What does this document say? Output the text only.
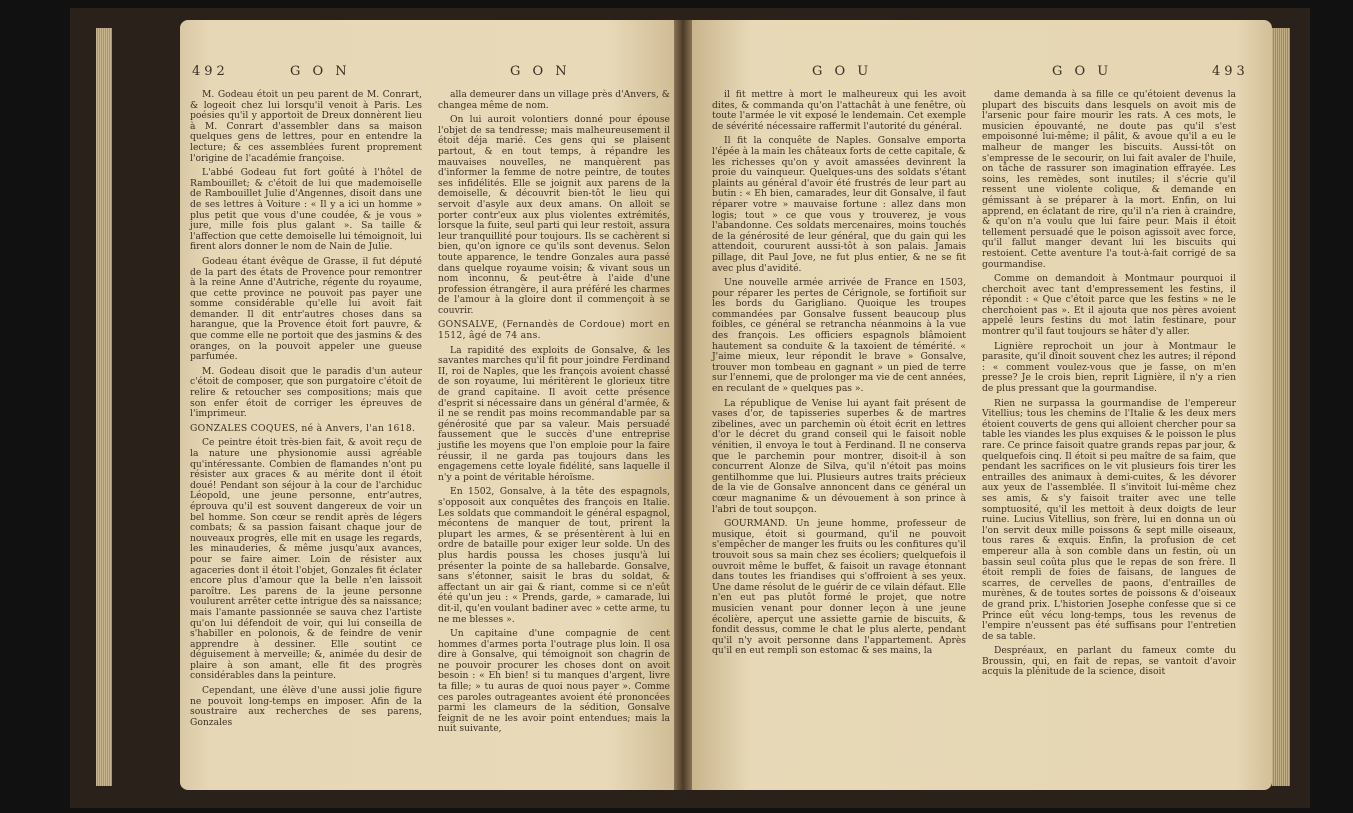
492	G O N	G O N

M. Godeau étoit un peu parent de M. Conrart, & logeoit chez lui lorsqu'il venoit à Paris. Les poésies qu'il y apportoit de Dreux donnèrent lieu à M. Conrart d'assembler dans sa maison quelques gens de lettres, pour en entendre la lecture; & ces assemblées furent proprement l'origine de l'académie françoise.

L'abbé Godeau fut fort goûté à l'hôtel de Rambouillet; & c'étoit de lui que mademoiselle de Rambouillet Julie d'Angennes, disoit dans une de ses lettres à Voiture : « Il y a ici un homme » plus petit que vous d'une coudée, & je vous » jure, mille fois plus galant ». Sa taille & l'affection que cette demoiselle lui témoignoit, lui firent alors donner le nom de Nain de Julie.

Godeau étant évêque de Grasse, il fut député de la part des états de Provence pour remontrer à la reine Anne d'Autriche, régente du royaume, que cette province ne pouvoit pas payer une somme considérable qu'elle lui avoit fait demander. Il dit entr'autres choses dans sa harangue, que la Provence étoit fort pauvre, & que comme elle ne portoit que des jasmins & des oranges, on la pouvoit appeler une gueuse parfumée.

M. Godeau disoit que le paradis d'un auteur c'étoit de composer, que son purgatoire c'étoit de relire & retoucher ses compositions; mais que son enfer étoit de corriger les épreuves de l'imprimeur.

GONZALES COQUES, né à Anvers, l'an 1618.

Ce peintre étoit très-bien fait, & avoit reçu de la nature une physionomie aussi agréable qu'intéressante. Combien de flamandes n'ont pu résister aux graces & au mérite dont il étoit doué! Pendant son séjour à la cour de l'archiduc Léopold, une jeune personne, entr'autres, éprouva qu'il est souvent dangereux de voir un bel homme. Son cœur se rendit après de légers combats; & sa passion faisant chaque jour de nouveaux progrès, elle mit en usage les regards, les minauderies, & même jusqu'aux avances, pour se faire aimer. Loin de résister aux agaceries dont il étoit l'objet, Gonzales fit éclater encore plus d'amour que la belle n'en laissoit paroître. Les parens de la jeune personne voulurent arrêter cette intrigue dès sa naissance; mais l'amante passionnée se sauva chez l'artiste qu'on lui défendoit de voir, qui lui conseilla de s'habiller en polonois, & de feindre de venir apprendre à dessiner. Elle soutint ce déguisement à merveille; &, animée du desir de plaire à son amant, elle fit des progrès considérables dans la peinture.

Cependant, une élève d'une aussi jolie figure ne pouvoit long-temps en imposer. Afin de la soustraire aux recherches de ses parens, Gonzales

alla demeurer dans un village près d'Anvers, & changea même de nom.

On lui auroit volontiers donné pour épouse l'objet de sa tendresse; mais malheureusement il étoit déja marié. Ces gens qui se plaisent partout, & en tout temps, à répandre les mauvaises nouvelles, ne manquèrent pas d'informer la femme de notre peintre, de toutes ses infidélités. Elle se joignit aux parens de la demoiselle, & découvrit bien-tôt le lieu qui servoit d'asyle aux deux amans. On alloit se porter contr'eux aux plus violentes extrémités, lorsque la fuite, seul parti qui leur restoit, assura leur tranquillité pour toujours. Ils se cachèrent si bien, qu'on ignore ce qu'ils sont devenus. Selon toute apparence, le tendre Gonzales aura passé dans quelque royaume voisin; & vivant sous un nom inconnu, & peut-être à l'aide d'une profession étrangère, il aura préféré les charmes de l'amour à la gloire dont il commençoit à se couvrir.

GONSALVE, (Fernandès de Cordoue) mort en 1512, âgé de 74 ans.

La rapidité des exploits de Gonsalve, & les savantes marches qu'il fit pour joindre Ferdinand II, roi de Naples, que les françois avoient chassé de son royaume, lui méritèrent le glorieux titre de grand capitaine. Il avoit cette présence d'esprit si nécessaire dans un général d'armée, & il ne se rendit pas moins recommandable par sa générosité que par sa valeur. Mais persuadé faussement que le succès d'une entreprise justifie les moyens que l'on emploie pour la faire réussir, il ne garda pas toujours dans les engagemens cette loyale fidélité, sans laquelle il n'y a point de véritable héroïsme.

En 1502, Gonsalve, à la tête des espagnols, s'opposoit aux conquêtes des françois en Italie. Les soldats que commandoit le général espagnol, mécontens de manquer de tout, prirent la plupart les armes, & se présentèrent à lui en ordre de bataille pour exiger leur solde. Un des plus hardis poussa les choses jusqu'à lui présenter la pointe de sa hallebarde. Gonsalve, sans s'étonner, saisit le bras du soldat, & affectant un air gai & riant, comme si ce n'eût été qu'un jeu : « Prends, garde, » camarade, lui dit-il, qu'en voulant badiner avec » cette arme, tu ne me blesses ».

Un capitaine d'une compagnie de cent hommes d'armes porta l'outrage plus loin. Il osa dire à Gonsalve, qui témoignoit son chagrin de ne pouvoir procurer les choses dont on avoit besoin : « Eh bien! si tu manques d'argent, livre ta fille; » tu auras de quoi nous payer ». Comme ces paroles outrageantes avoient été prononcées parmi les clameurs de la sédition, Gonsalve feignit de ne les avoir point entendues; mais la nuit suivante,

G O U	G O U	493

il fit mettre à mort le malheureux qui les avoit dites, & commanda qu'on l'attachât à une fenêtre, où toute l'armée le vit exposé le lendemain. Cet exemple de sévérité nécessaire raffermit l'autorité du général.

Il fit la conquête de Naples. Gonsalve emporta l'épée à la main les châteaux forts de cette capitale, & les richesses qu'on y avoit amassées devinrent la proie du vainqueur. Quelques-uns des soldats s'étant plaints au général d'avoir été frustrés de leur part au butin : « Eh bien, camarades, leur dit Gonsalve, il faut réparer votre » mauvaise fortune : allez dans mon logis; tout » ce que vous y trouverez, je vous l'abandonne. Ces soldats mercenaires, moins touchés de la générosité de leur général, que du gain qui les attendoit, coururent aussi-tôt à son palais. Jamais pillage, dit Paul Jove, ne fut plus entier, & ne se fit avec plus d'avidité.

Une nouvelle armée arrivée de France en 1503, pour réparer les pertes de Cérignole, se fortifioit sur les bords du Garigliano. Quoique les troupes commandées par Gonsalve fussent beaucoup plus foibles, ce général se retrancha néanmoins à la vue des françois. Les officiers espagnols blâmoient hautement sa conduite & la taxoient de témérité. « J'aime mieux, leur répondit le brave » Gonsalve, trouver mon tombeau en gagnant » un pied de terre sur l'ennemi, que de prolonger ma vie de cent années, en reculant de » quelques pas ».

La république de Venise lui ayant fait présent de vases d'or, de tapisseries superbes & de martres zibelines, avec un parchemin où étoit écrit en lettres d'or le décret du grand conseil qui le faisoit noble vénitien, il envoya le tout à Ferdinand. Il ne conserva que le parchemin pour montrer, disoit-il à son concurrent Alonze de Silva, qu'il n'étoit pas moins gentilhomme que lui. Plusieurs autres traits précieux de la vie de Gonsalve annoncent dans ce général un cœur magnanime & un dévouement à son prince à l'abri de tout soupçon.

GOURMAND. Un jeune homme, professeur de musique, étoit si gourmand, qu'il ne pouvoit s'empêcher de manger les fruits ou les confitures qu'il trouvoit sous sa main chez ses écoliers; quelquefois il ouvroit même le buffet, & faisoit un ravage étonnant dans toutes les friandises qui s'offroient à ses yeux. Une dame résolut de le guérir de ce vilain défaut. Elle n'en eut pas plutôt formé le projet, que notre musicien venant pour donner leçon à une jeune écolière, aperçut une assiette garnie de biscuits, & fondit dessus, comme le chat le plus alerte, pendant qu'il n'y avoit personne dans l'appartement. Après qu'il en eut rempli son estomac & ses mains, la

dame demanda à sa fille ce qu'étoient devenus la plupart des biscuits dans lesquels on avoit mis de l'arsenic pour faire mourir les rats. A ces mots, le musicien épouvanté, ne doute pas qu'il s'est empoisonné lui-même; il pâlit, & avoue qu'il a eu le malheur de manger les biscuits. Aussi-tôt on s'empresse de le secourir, on lui fait avaler de l'huile, on tâche de rassurer son imagination effrayée. Les soins, les remèdes, sont inutiles; il s'écrie qu'il ressent une violente colique, & demande en gémissant à se préparer à la mort. Enfin, on lui apprend, en éclatant de rire, qu'il n'a rien à craindre, & qu'on n'a voulu que lui faire peur. Mais il étoit tellement persuadé que le poison agissoit avec force, qu'il fallut manger devant lui les biscuits qui restoient. Cette aventure l'a tout-à-fait corrigé de sa gourmandise.

Comme on demandoit à Montmaur pourquoi il cherchoit avec tant d'empressement les festins, il répondit : « Que c'étoit parce que les festins » ne le cherchoient pas ». Et il ajouta que nos pères avoient appelé leurs festins du mot latin festinare, pour montrer qu'il faut toujours se hâter d'y aller.

Lignière reprochoit un jour à Montmaur le parasite, qu'il dînoit souvent chez les autres; il répond : « comment voulez-vous que je fasse, on m'en presse? Je le crois bien, reprit Lignière, il n'y a rien de plus pressant que la gourmandise.

Rien ne surpassa la gourmandise de l'empereur Vitellius; tous les chemins de l'Italie & les deux mers étoient couverts de gens qui alloient chercher pour sa table les viandes les plus exquises & le poisson le plus rare. Ce prince faisoit quatre grands repas par jour, & quelquefois cinq. Il étoit si peu maître de sa faim, que pendant les sacrifices on le vit plusieurs fois tirer les entrailles des animaux à demi-cuites, & les dévorer aux yeux de l'assemblée. Il s'invitoit lui-même chez ses amis, & s'y faisoit traiter avec une telle somptuosité, qu'il les mettoit à deux doigts de leur ruine. Lucius Vitellius, son frère, lui en donna un où l'on servit deux mille poissons & sept mille oiseaux, tous rares & exquis. Enfin, la profusion de cet empereur alla à son comble dans un festin, où un bassin seul coûta plus que le repas de son frère. Il étoit rempli de foies de faisans, de langues de scarres, de cervelles de paons, d'entrailles de murènes, & de toutes sortes de poissons & d'oiseaux de grand prix. L'historien Josephe confesse que si ce Prince eût vécu long-temps, tous les revenus de l'empire n'eussent pas été suffisans pour l'entretien de sa table.

Despréaux, en parlant du fameux comte du Broussin, qui, en fait de repas, se vantoit d'avoir acquis la plénitude de la science, disoit
